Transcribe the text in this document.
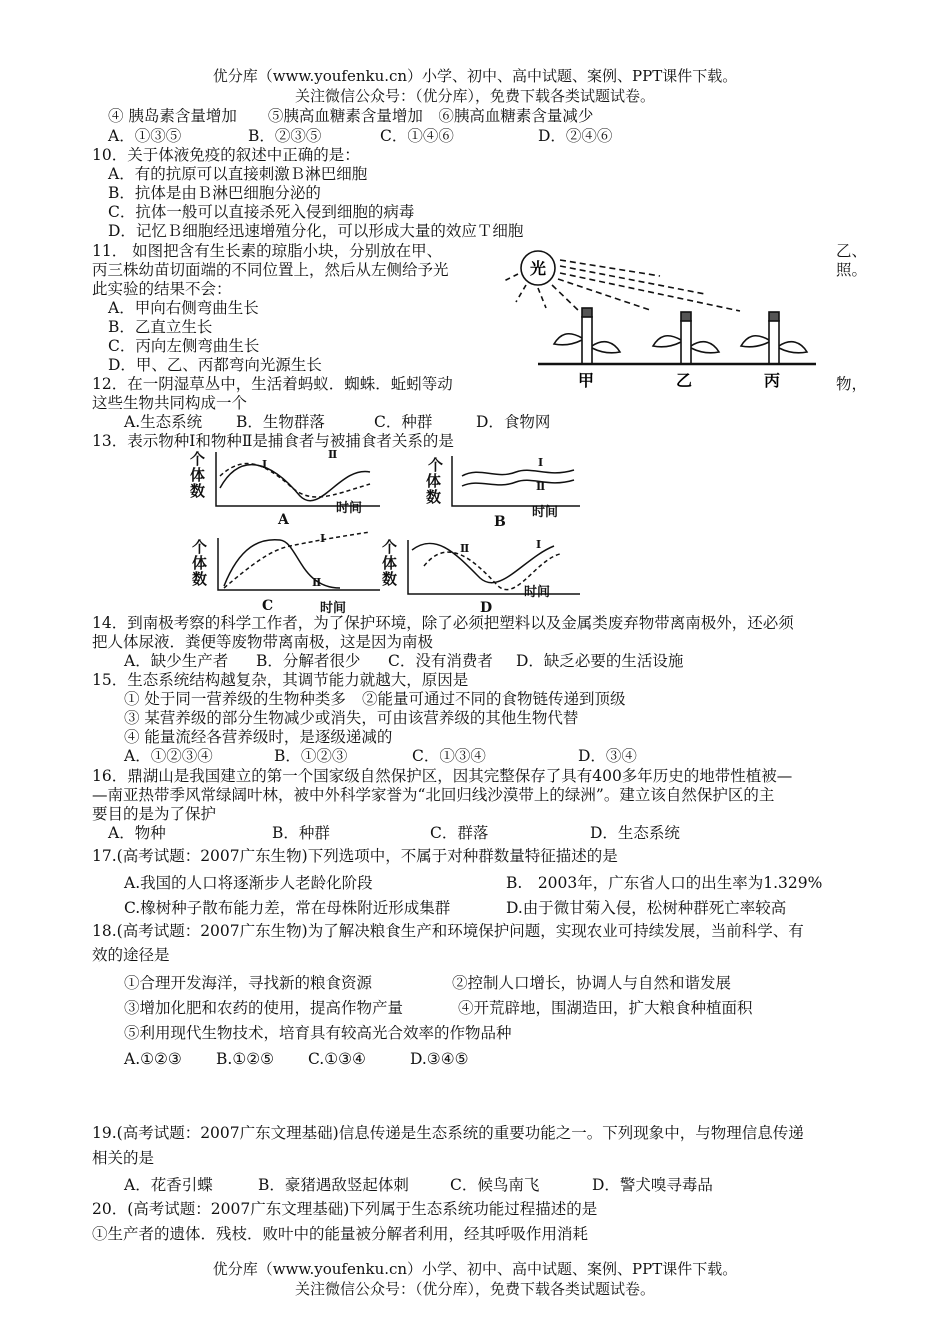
优分库（www.youfenku.cn）小学、初中、高中试题、案例、PPT课件下载。
关注微信公众号：（优分库），免费下载各类试题试卷。
④ 胰岛素含量增加　　⑤胰高血糖素含量增加　⑥胰高血糖素含量减少
A．①③⑤	B．②③⑤	C．①④⑥	D．②④⑥
10．关于体液免疫的叙述中正确的是：
A．有的抗原可以直接刺激Ｂ淋巴细胞
B．抗体是由Ｂ淋巴细胞分泌的
C．抗体一般可以直接杀死入侵到细胞的病毒
D．记忆Ｂ细胞经迅速增殖分化，可以形成大量的效应Ｔ细胞
11． 如图把含有生长素的琼脂小块，分别放在甲、	乙、
丙三株幼苗切面端的不同位置上，然后从左侧给予光	照。
此实验的结果不会：
A．甲向右侧弯曲生长
B．乙直立生长
C．丙向左侧弯曲生长
D．甲、乙、丙都弯向光源生长
光
甲	乙	丙
12．在一阴湿草丛中，生活着蚂蚁．蜘蛛．蚯蚓等动	物，
这些生物共同构成一个
A.生态系统 B．生物群落	C．种群	D．食物网
13．表示物种Ⅰ和物种Ⅱ是捕食者与被捕食者关系的是
个
体
数
时间
A
Ⅰ
Ⅱ
个
体
数
时间
B
Ⅰ
Ⅱ
个
体
数
时间
C
Ⅰ
Ⅱ
个
体
数
时间
D
Ⅱ	Ⅰ
14．到南极考察的科学工作者，为了保护环境，除了必须把塑料以及金属类废弃物带离南极外，还必须
把人体尿液．粪便等废物带离南极，这是因为南极
A．缺少生产者 B．分解者很少 C．没有消费者 D．缺乏必要的生活设施
15．生态系统结构越复杂，其调节能力就越大，原因是
① 处于同一营养级的生物种类多 ②能量可通过不同的食物链传递到顶级
③ 某营养级的部分生物减少或消失，可由该营养级的其他生物代替
④ 能量流经各营养级时，是逐级递减的
A．①②③④	B．①②③	C．①③④	D．③④
16．鼎湖山是我国建立的第一个国家级自然保护区，因其完整保存了具有400多年历史的地带性植被—
—南亚热带季风常绿阔叶林，被中外科学家誉为“北回归线沙漠带上的绿洲”。建立该自然保护区的主
要目的是为了保护
A．物种	B．种群	C．群落	D．生态系统
17.(高考试题：2007广东生物)下列选项中，不属于对种群数量特征描述的是
A.我国的人口将逐渐步人老龄化阶段	B.　2003年，广东省人口的出生率为1.329%
C.橡树种子散布能力差，常在母株附近形成集群	D.由于微甘菊入侵，松树种群死亡率较高
18.(高考试题：2007广东生物)为了解决粮食生产和环境保护问题，实现农业可持续发展，当前科学、有
效的途径是
①合理开发海洋，寻找新的粮食资源	②控制人口增长，协调人与自然和谐发展
③增加化肥和农药的使用，提高作物产量	④开荒辟地，围湖造田，扩大粮食种植面积
⑤利用现代生物技术，培育具有较高光合效率的作物品种
A.①②③ B.①②⑤ C.①③④	D.③④⑤
19.(高考试题：2007广东文理基础)信息传递是生态系统的重要功能之一。下列现象中，与物理信息传递
相关的是
A．花香引蝶	B．豪猪遇敌竖起体刺	C．候鸟南飞	D．警犬嗅寻毒品
20．(高考试题：2007广东文理基础)下列属于生态系统功能过程描述的是
①生产者的遗体．残枝．败叶中的能量被分解者利用，经其呼吸作用消耗
优分库（www.youfenku.cn）小学、初中、高中试题、案例、PPT课件下载。
关注微信公众号：（优分库），免费下载各类试题试卷。
